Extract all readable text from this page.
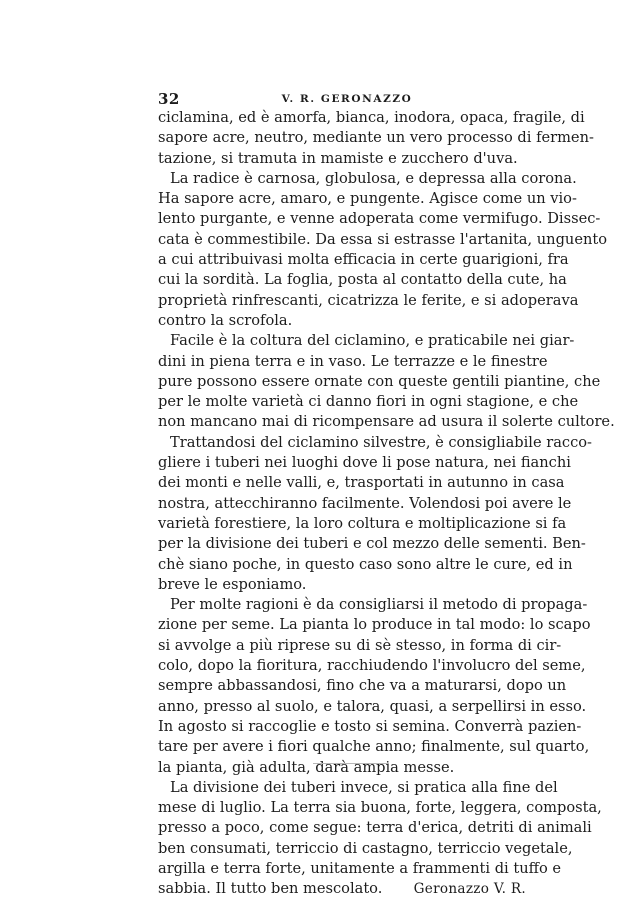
32	V. R. GERONAZZO
ciclamina, ed è amorfa, bianca, inodora, opaca, fragile, di
sapore acre, neutro, mediante un vero processo di fermen-
tazione, si tramuta in mamiste e zucchero d'uva.
La radice è carnosa, globulosa, e depressa alla corona.
Ha sapore acre, amaro, e pungente. Agisce come un vio-
lento purgante, e venne adoperata come vermifugo. Dissec-
cata è commestibile. Da essa si estrasse l'artanita, unguento
a cui attribuivasi molta efficacia in certe guarigioni, fra
cui la sordità. La foglia, posta al contatto della cute, ha
proprietà rinfrescanti, cicatrizza le ferite, e si adoperava
contro la scrofola.
Facile è la coltura del ciclamino, e praticabile nei giar-
dini in piena terra e in vaso. Le terrazze e le finestre
pure possono essere ornate con queste gentili piantine, che
per le molte varietà ci danno fiori in ogni stagione, e che
non mancano mai di ricompensare ad usura il solerte cultore.
Trattandosi del ciclamino silvestre, è consigliabile racco-
gliere i tuberi nei luoghi dove li pose natura, nei fianchi
dei monti e nelle valli, e, trasportati in autunno in casa
nostra, attecchiranno facilmente. Volendosi poi avere le
varietà forestiere, la loro coltura e moltiplicazione si fa
per la divisione dei tuberi e col mezzo delle sementi. Ben-
chè siano poche, in questo caso sono altre le cure, ed in
breve le esponiamo.
Per molte ragioni è da consigliarsi il metodo di propaga-
zione per seme. La pianta lo produce in tal modo: lo scapo
si avvolge a più riprese su di sè stesso, in forma di cir-
colo, dopo la fioritura, racchiudendo l'involucro del seme,
sempre abbassandosi, fino che va a maturarsi, dopo un
anno, presso al suolo, e talora, quasi, a serpellirsi in esso.
In agosto si raccoglie e tosto si semina. Converrà pazien-
tare per avere i fiori qualche anno; finalmente, sul quarto,
la pianta, già adulta, darà ampia messe.
La divisione dei tuberi invece, si pratica alla fine del
mese di luglio. La terra sia buona, forte, leggera, composta,
presso a poco, come segue: terra d'erica, detriti di animali
ben consumati, terriccio di castagno, terriccio vegetale,
argilla e terra forte, unitamente a frammenti di tuffo e
sabbia. Il tutto ben mescolato. Geronazzo V. R.
